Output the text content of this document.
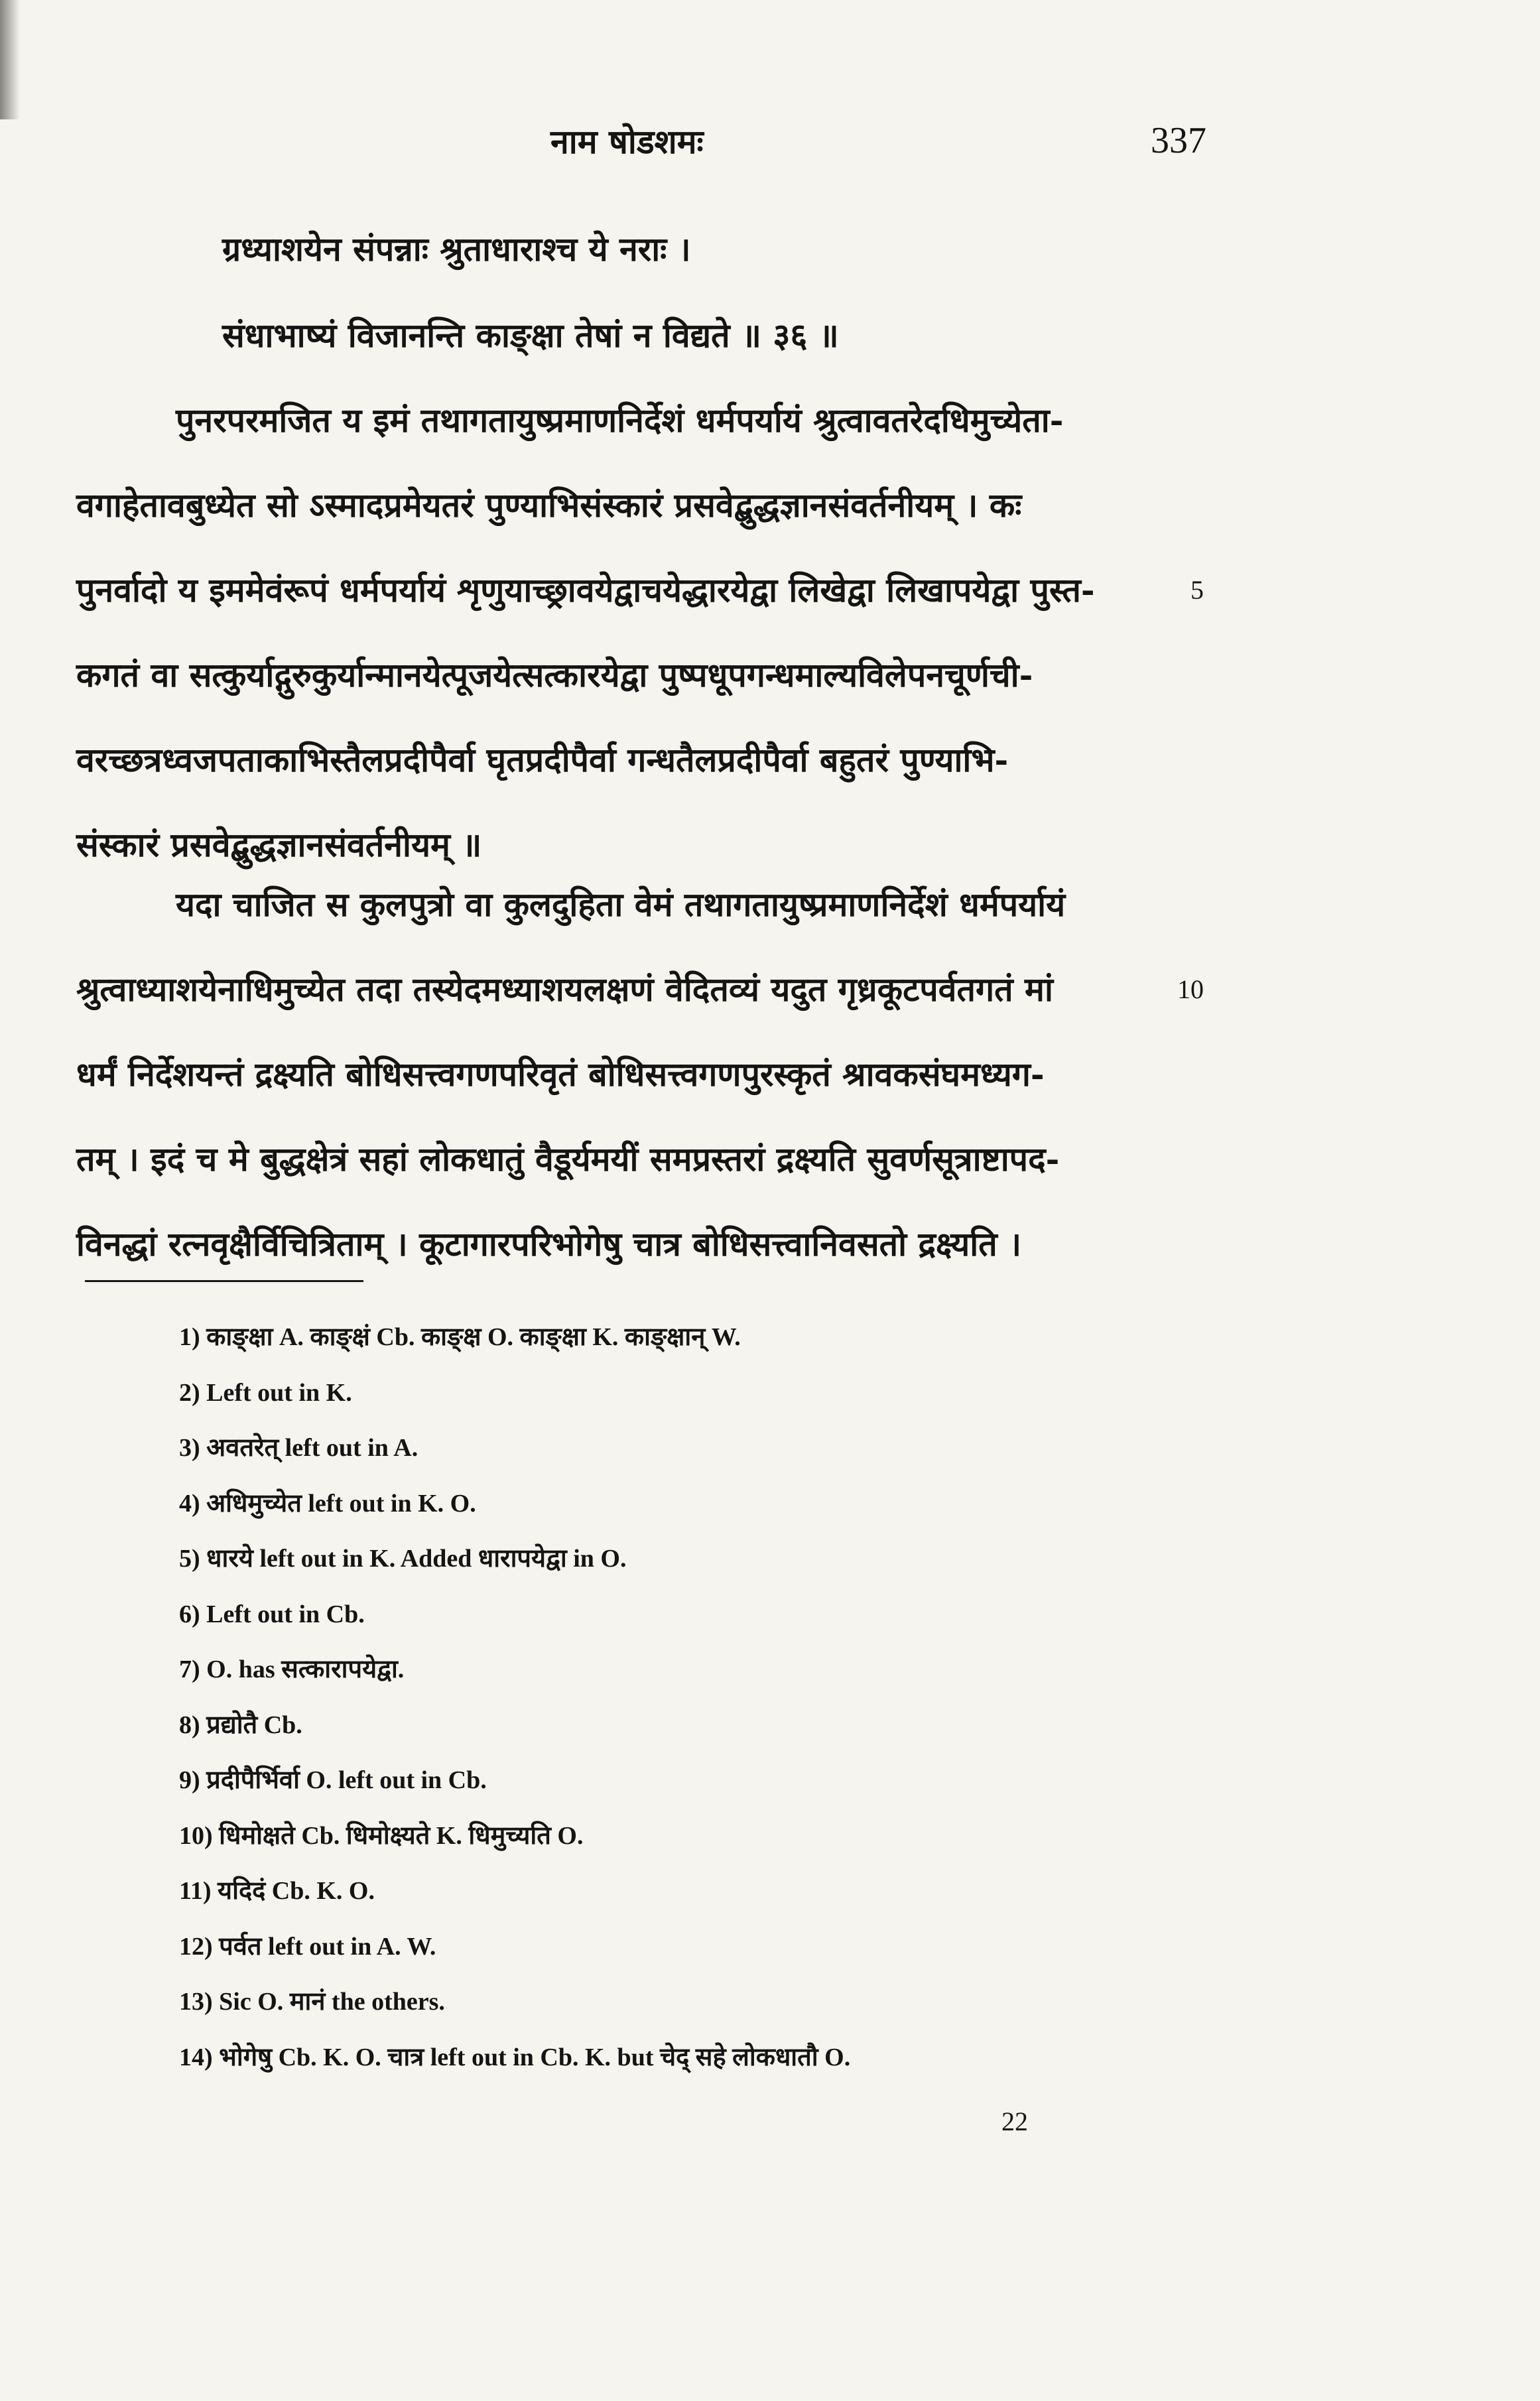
नाम षोडशमः	337
ग्रध्याशयेन संपन्नाः श्रुताधाराश्च ये नराः ।
संधाभाष्यं विजानन्ति काङ्क्षा तेषां न विद्यते ॥ ३६ ॥
पुनरपरमजित य इमं तथागतायुष्प्रमाणनिर्देशं धर्मपर्यायं श्रुत्वावतरेदधिमुच्येता-
वगाहेतावबुध्येत सो ऽस्मादप्रमेयतरं पुण्याभिसंस्कारं प्रसवेद्बुद्धज्ञानसंवर्तनीयम् । कः
पुनर्वादो य इममेवंरूपं धर्मपर्यायं शृणुयाच्छ्रावयेद्वाचयेद्धारयेद्वा लिखेद्वा लिखापयेद्वा पुस्त-	5
कगतं वा सत्कुर्याद्गुरुकुर्यान्मानयेत्पूजयेत्सत्कारयेद्वा पुष्पधूपगन्धमाल्यविलेपनचूर्णची-
वरच्छत्रध्वजपताकाभिस्तैलप्रदीपैर्वा घृतप्रदीपैर्वा गन्धतैलप्रदीपैर्वा बहुतरं पुण्याभि-
संस्कारं प्रसवेद्बुद्धज्ञानसंवर्तनीयम् ॥
यदा चाजित स कुलपुत्रो वा कुलदुहिता वेमं तथागतायुष्प्रमाणनिर्देशं धर्मपर्यायं
श्रुत्वाध्याशयेनाधिमुच्येत तदा तस्येदमध्याशयलक्षणं वेदितव्यं यदुत गृध्रकूटपर्वतगतं मां	10
धर्मं निर्देशयन्तं द्रक्ष्यति बोधिसत्त्वगणपरिवृतं बोधिसत्त्वगणपुरस्कृतं श्रावकसंघमध्यग-
तम् । इदं च मे बुद्धक्षेत्रं सहां लोकधातुं वैडूर्यमयीं समप्रस्तरां द्रक्ष्यति सुवर्णसूत्राष्टापद-
विनद्धां रत्नवृक्षैर्विचित्रिताम् । कूटागारपरिभोगेषु चात्र बोधिसत्त्वानिवसतो द्रक्ष्यति ।
1) काङ्क्षा A. काङ्क्षं Cb. काङ्क्ष O. काङ्क्षा K. काङ्क्षान् W.
2) Left out in K.
3) अवतरेत् left out in A.
4) अधिमुच्येत left out in K. O.
5) धारये left out in K. Added धारापयेद्वा in O.
6) Left out in Cb.
7) O. has सत्कारापयेद्वा.
8) प्रद्योतै Cb.
9) प्रदीपैर्भिर्वा O. left out in Cb.
10) धिमोक्षते Cb. धिमोक्ष्यते K. धिमुच्यति O.
11) यदिदं Cb. K. O.
12) पर्वत left out in A. W.
13) Sic O. मानं the others.
14) भोगेषु Cb. K. O. चात्र left out in Cb. K. but चेद् सहे लोकधातौ O.
22
